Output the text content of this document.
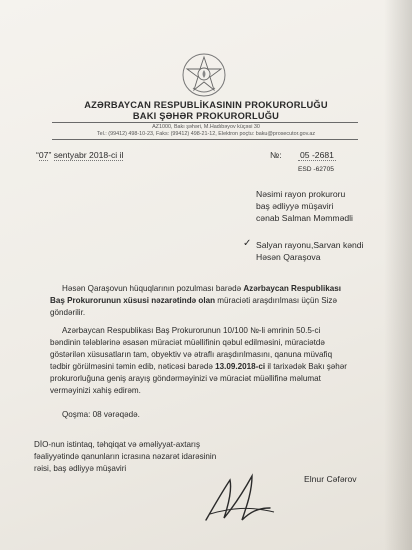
AZƏRBAYCAN RESPUBLİKASININ PROKURORLUĞU
BAKI ŞƏHƏR PROKURORLUĞU
AZ1000, Bakı şəhəri, M.Hadıbəyov küçəsi 30
Tel.: (99412) 498-10-23, Faks: (99412) 498-21-12, Elektron poçtu: baku@prosecutor.gov.az
“07” sentyabr 2018-ci il	№: 05 -2681
ESD -62705
Nəsimi rayon prokuroru
baş ədliyyə müşaviri
cənab Salman Məmmədli
✓ Salyan rayonu,Sarvan kəndi
Həsən Qaraşova
Həsən Qaraşovun hüquqlarının pozulması barədə Azərbaycan Respublikası
Baş Prokurorunun xüsusi nəzarətində olan müraciəti araşdırılması üçün Sizə
göndərilir.
Azərbaycan Respublikası Baş Prokurorunun 10/100 №-li əmrinin 50.5-ci
bəndinin tələblərinə əsasən müraciət müəllifinin qəbul edilməsini, müraciətdə
göstərilən xüsusatların tam, obyektiv və ətraflı araşdırılmasını, qanuna müvafiq
tədbir görülməsini təmin edib, nəticəsi barədə 13.09.2018-ci il tarixədək Bakı şəhər
prokurorluğuna geniş arayış göndərməyinizi və müraciət müəllifinə məlumat
verməyinizi xahiş edirəm.
Qoşma: 08 vərəqədə.
DİO-nun istintaq, təhqiqat və əməliyyat-axtarış
fəaliyyətində qanunların icrasına nəzarət idarəsinin
rəisi, baş ədliyyə müşaviri
Elnur Cəfərov
